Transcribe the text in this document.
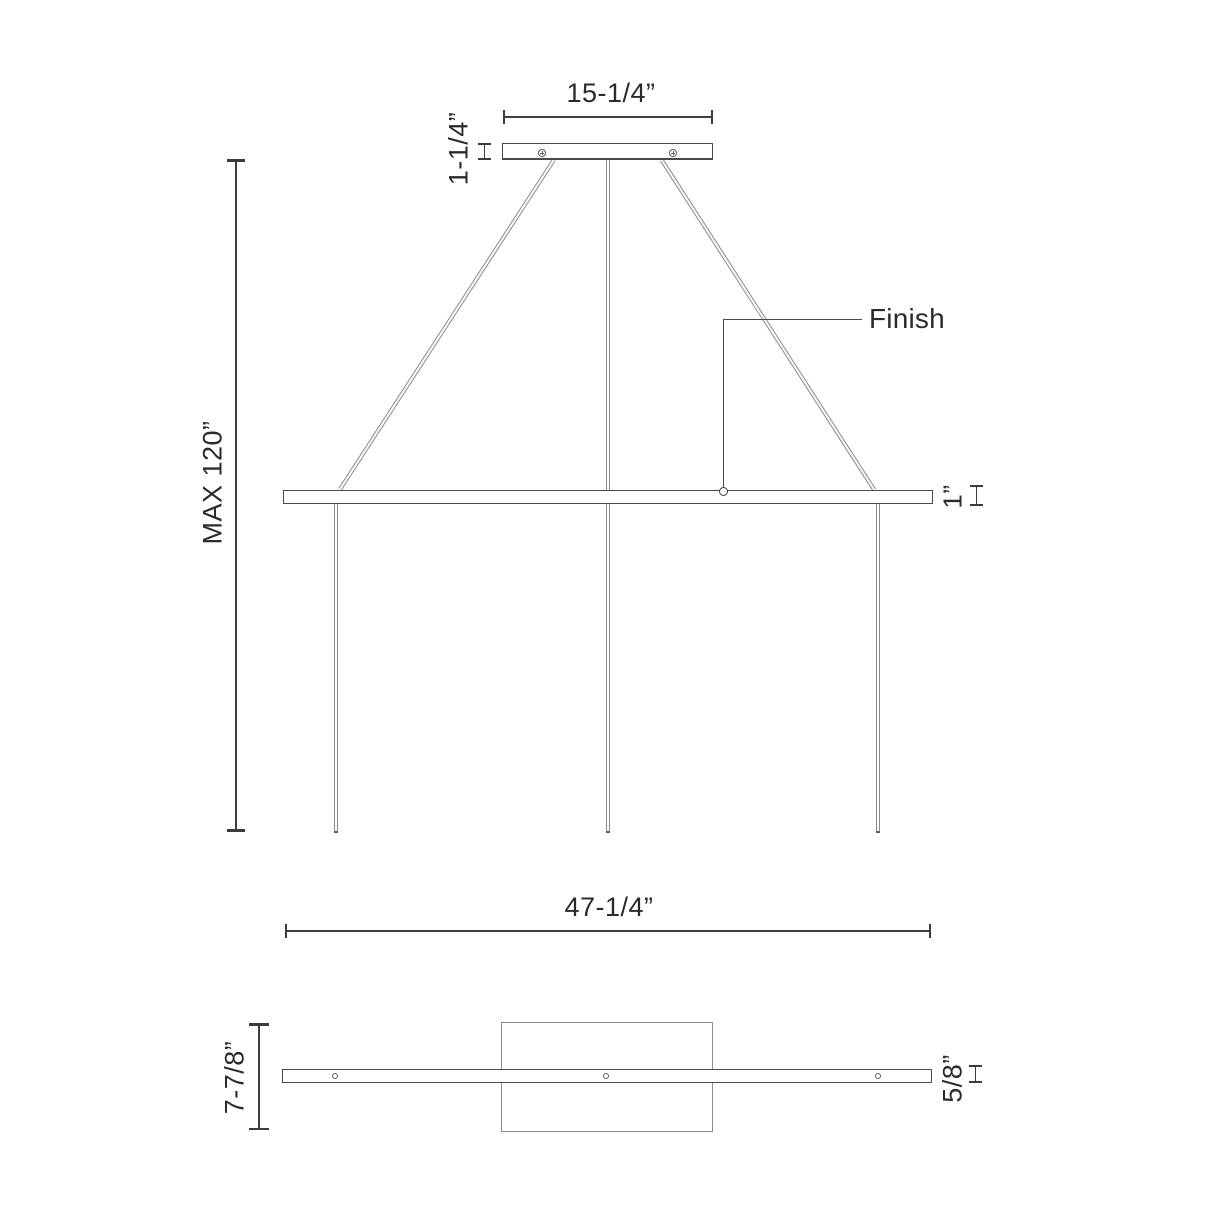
15-1/4”
1-1/4”
MAX 120”
Finish
1”
47-1/4”
7-7/8”	5/8”
